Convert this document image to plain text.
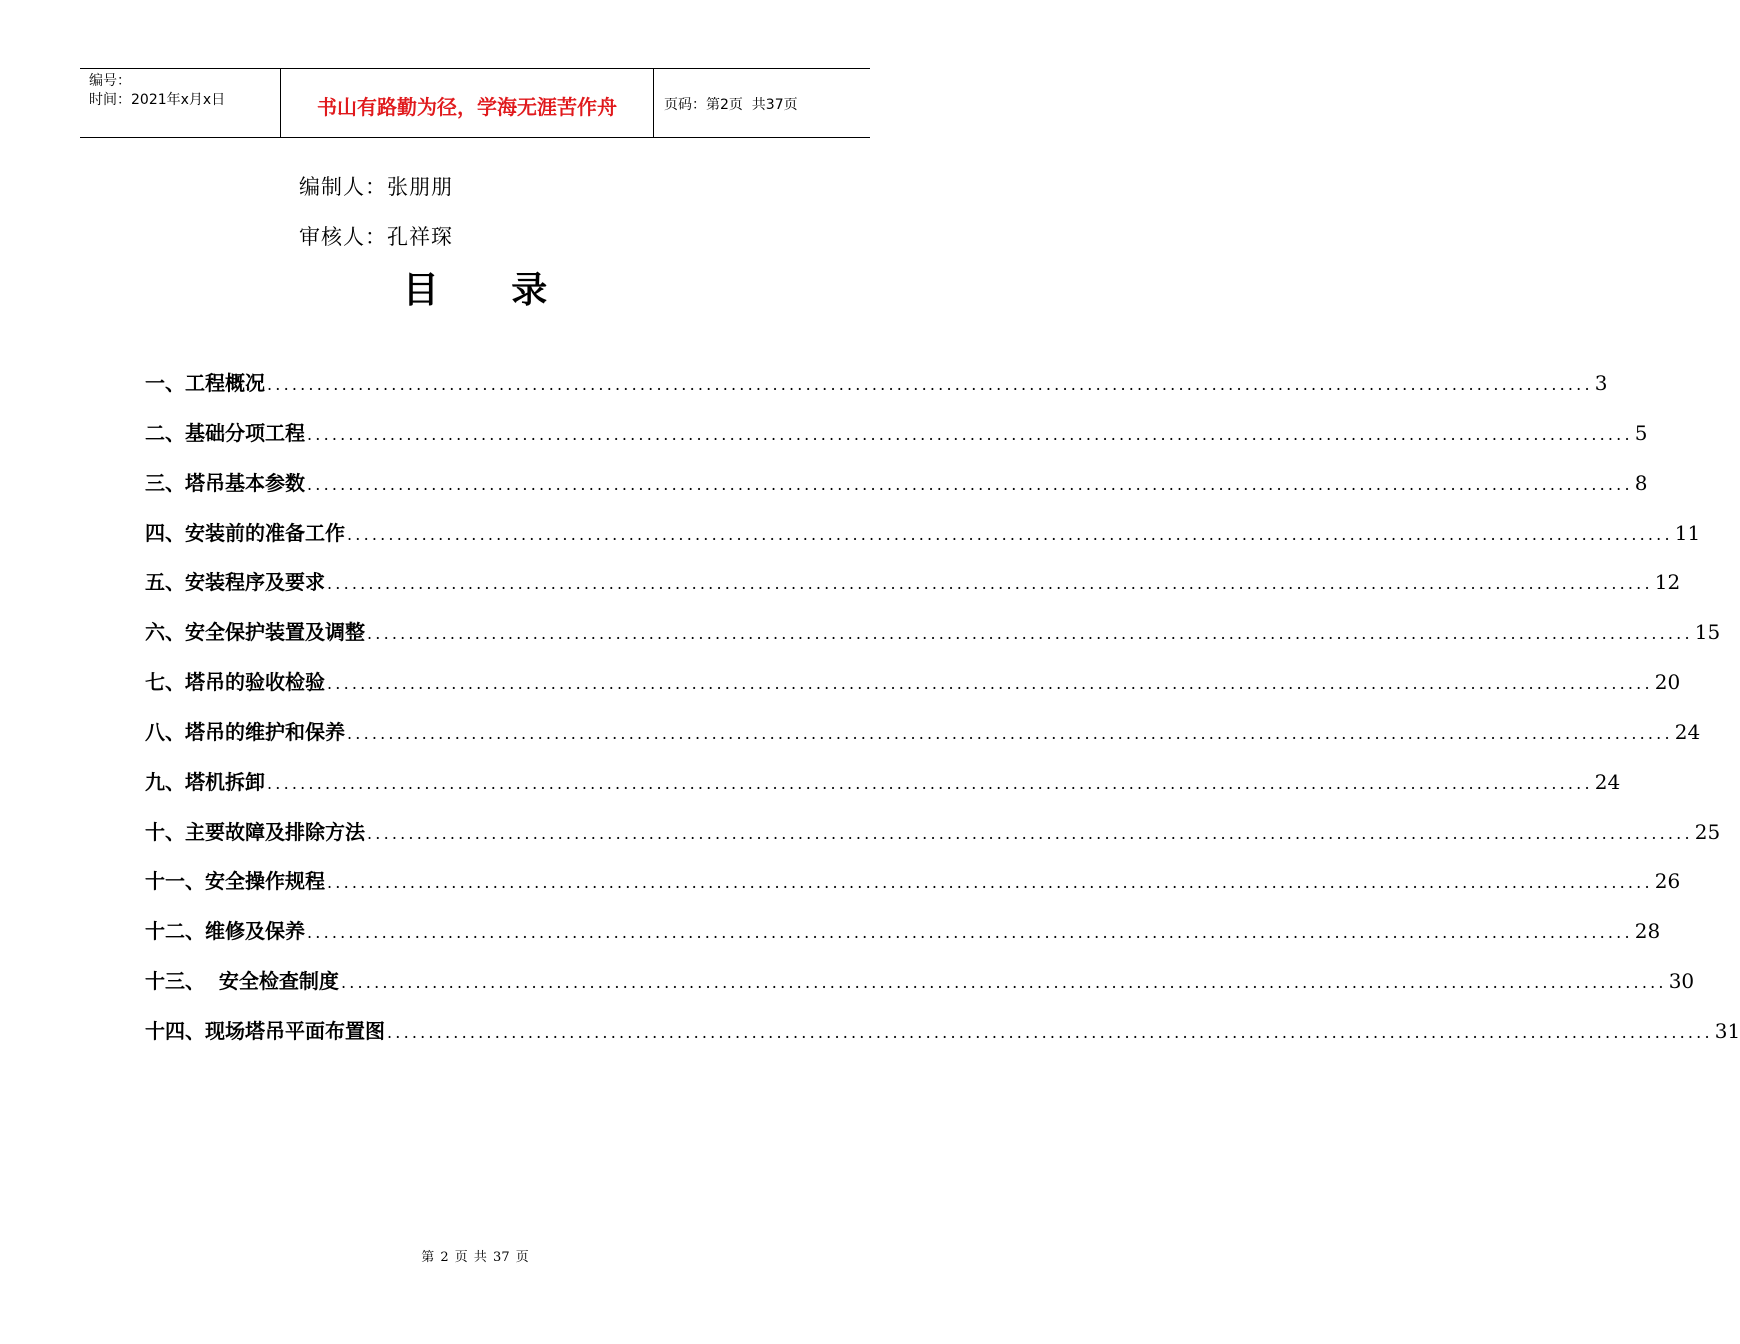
编号：
时间：2021年x月x日	书山有路勤为径，学海无涯苦作舟	页码：第2页  共37页
编制人：张朋朋
审核人：孔祥琛
目 录
一、工程概况 ................................................................................................................................................................ 3
二、基础分项工程 ................................................................................................................................................................ 5
三、塔吊基本参数 ................................................................................................................................................................ 8
四、安装前的准备工作 ................................................................................................................................................................ 11
五、安装程序及要求 ................................................................................................................................................................ 12
六、安全保护装置及调整 ................................................................................................................................................................ 15
七、塔吊的验收检验 ................................................................................................................................................................ 20
八、塔吊的维护和保养 ................................................................................................................................................................ 24
九、塔机拆卸 ................................................................................................................................................................ 24
十、主要故障及排除方法 ................................................................................................................................................................ 25
十一、安全操作规程 ................................................................................................................................................................ 26
十二、维修及保养 ................................................................................................................................................................ 28
十三、  安全检查制度 ................................................................................................................................................................ 30
十四、现场塔吊平面布置图 ................................................................................................................................................................ 31
第 2 页 共 37 页
